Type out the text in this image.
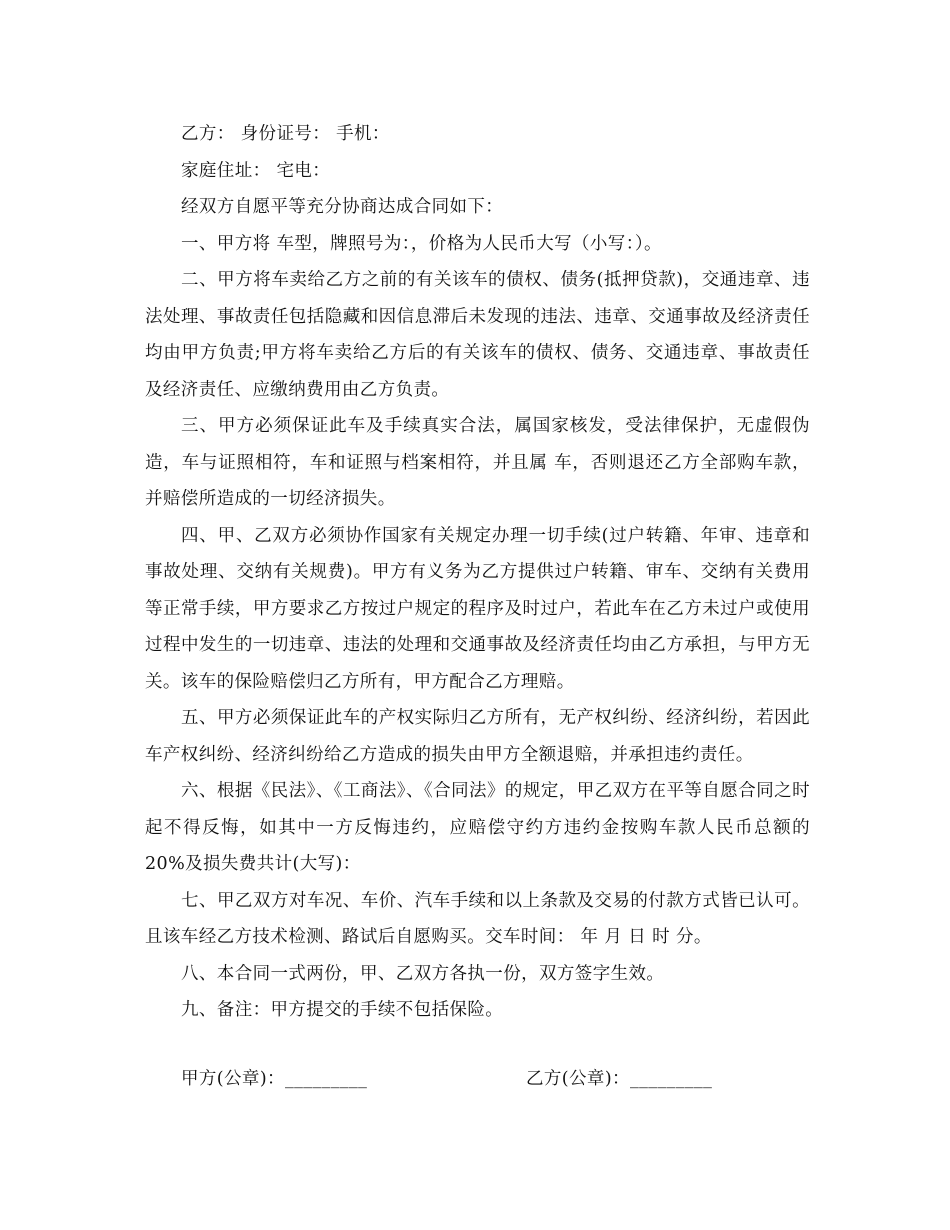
乙方： 身份证号： 手机：

家庭住址： 宅电：

经双方自愿平等充分协商达成合同如下：

一、甲方将 车型，牌照号为：，价格为人民币大写（小写：）。

二、甲方将车卖给乙方之前的有关该车的债权、债务(抵押贷款)，交通违章、违法处理、事故责任包括隐藏和因信息滞后未发现的违法、违章、交通事故及经济责任均由甲方负责;甲方将车卖给乙方后的有关该车的债权、债务、交通违章、事故责任及经济责任、应缴纳费用由乙方负责。

三、甲方必须保证此车及手续真实合法，属国家核发，受法律保护，无虚假伪造，车与证照相符，车和证照与档案相符，并且属 车，否则退还乙方全部购车款，并赔偿所造成的一切经济损失。

四、甲、乙双方必须协作国家有关规定办理一切手续(过户转籍、年审、违章和事故处理、交纳有关规费)。甲方有义务为乙方提供过户转籍、审车、交纳有关费用等正常手续，甲方要求乙方按过户规定的程序及时过户，若此车在乙方未过户或使用过程中发生的一切违章、违法的处理和交通事故及经济责任均由乙方承担，与甲方无关。该车的保险赔偿归乙方所有，甲方配合乙方理赔。

五、甲方必须保证此车的产权实际归乙方所有，无产权纠纷、经济纠纷，若因此车产权纠纷、经济纠纷给乙方造成的损失由甲方全额退赔，并承担违约责任。

六、根据《民法》、《工商法》、《合同法》的规定，甲乙双方在平等自愿合同之时起不得反悔，如其中一方反悔违约，应赔偿守约方违约金按购车款人民币总额的 20%及损失费共计(大写)：

七、甲乙双方对车况、车价、汽车手续和以上条款及交易的付款方式皆已认可。且该车经乙方技术检测、路试后自愿购买。交车时间： 年 月 日 时 分。

八、本合同一式两份，甲、乙双方各执一份，双方签字生效。

九、备注：甲方提交的手续不包括保险。

甲方(公章)：_________	乙方(公章)：_________
